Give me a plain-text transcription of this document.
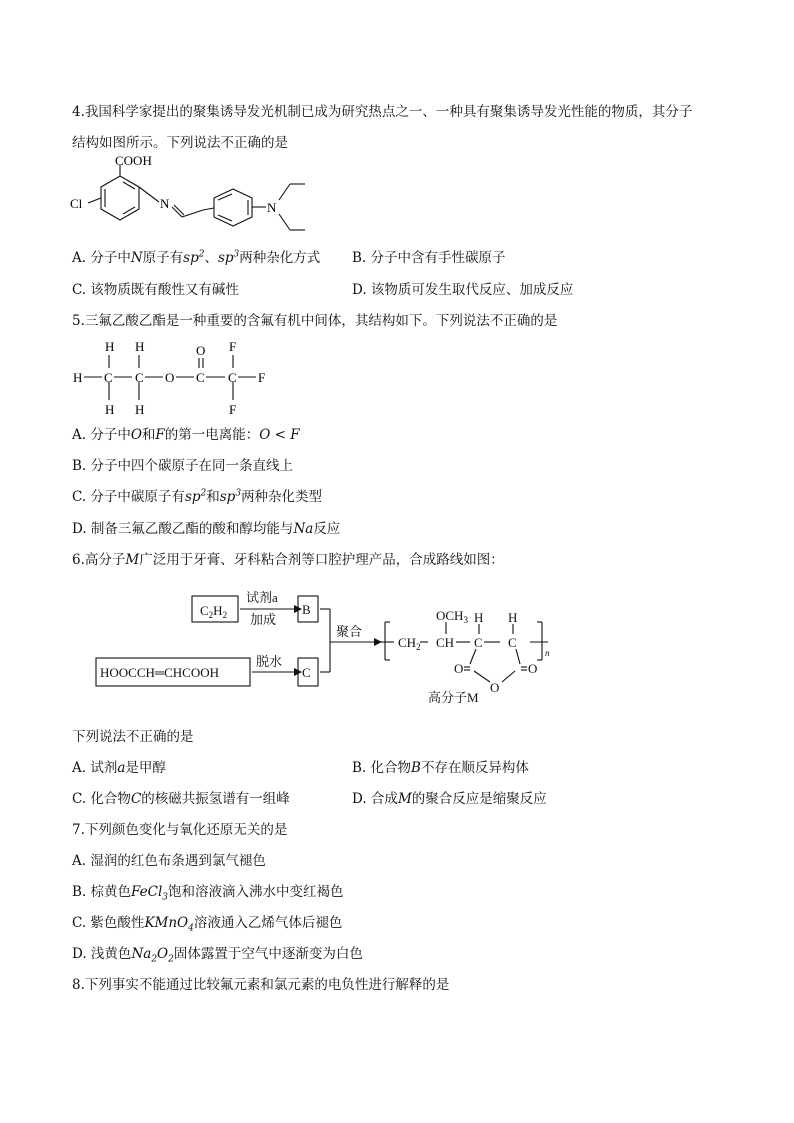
4.我国科学家提出的聚集诱导发光机制已成为研究热点之一、一种具有聚集诱导发光性能的物质，其分子
结构如图所示。下列说法不正确的是
COOH
Cl	N	N
A. 分子中N原子有$sp^2$、$sp^3$两种杂化方式 B. 分子中含有手性碳原子
C. 该物质既有酸性又有碱性	D. 该物质可发生取代反应、加成反应
5.三氟乙酸乙酯是一种重要的含氟有机中间体，其结构如下。下列说法不正确的是
H C C O C C F
H H
H H
O F
F
A. 分子中O和F的第一电离能：O < F
B. 分子中四个碳原子在同一条直线上
C. 分子中碳原子有$sp^2$和$sp^3$两种杂化类型
D. 制备三氟乙酸乙酯的酸和醇均能与Na反应
6.高分子M广泛用于牙膏、牙科粘合剂等口腔护理产品，合成路线如图：
$C_2H_2$
试剂a
加成
B
C
HOOCCH═CHCOOH
脱水
聚合
$OCH_3$
$CH_2$ CH
H H
C C
O	O
O
n
高分子M
下列说法不正确的是
A. 试剂a是甲醇	B. 化合物B不存在顺反异构体
C. 化合物C的核磁共振氢谱有一组峰	D. 合成M的聚合反应是缩聚反应
7.下列颜色变化与氧化还原无关的是
A. 湿润的红色布条遇到氯气褪色
B. 棕黄色FeCl$_3$饱和溶液滴入沸水中变红褐色
C. 紫色酸性KMnO$_4$溶液通入乙烯气体后褪色
D. 浅黄色$Na_2O_2$固体露置于空气中逐渐变为白色
8.下列事实不能通过比较氟元素和氯元素的电负性进行解释的是
